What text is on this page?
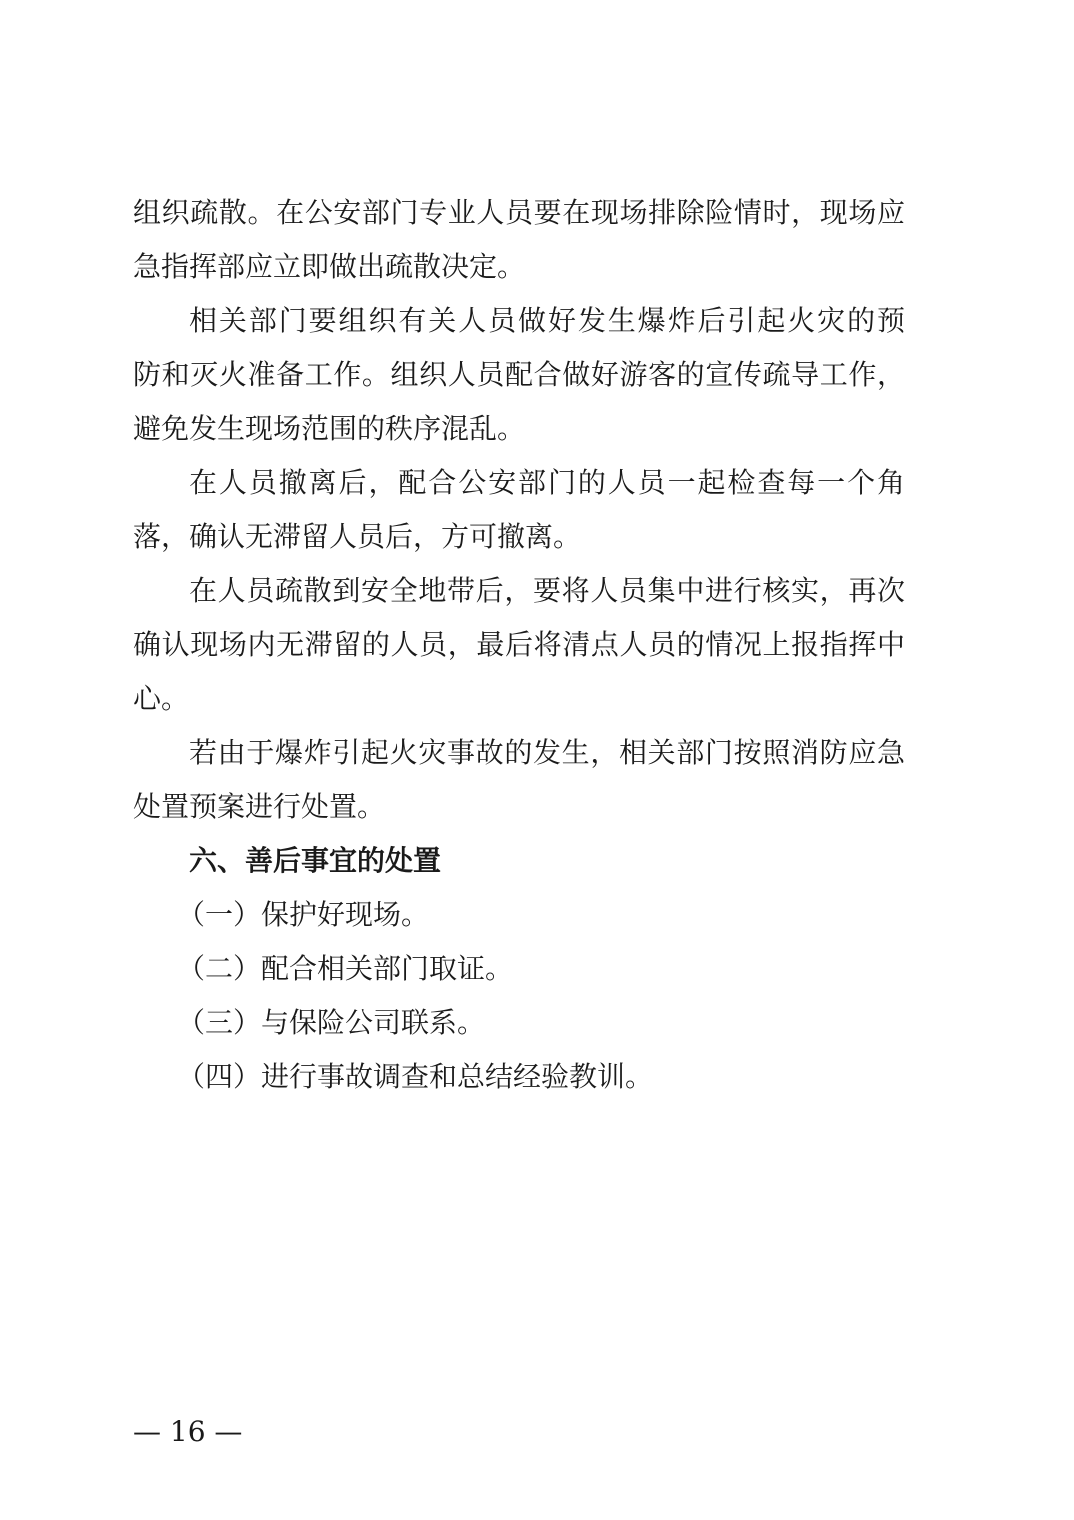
组织疏散。在公安部门专业人员要在现场排除险情时，现场应
急指挥部应立即做出疏散决定。
相关部门要组织有关人员做好发生爆炸后引起火灾的预
防和灭火准备工作。组织人员配合做好游客的宣传疏导工作，
避免发生现场范围的秩序混乱。
在人员撤离后，配合公安部门的人员一起检查每一个角
落，确认无滞留人员后，方可撤离。
在人员疏散到安全地带后，要将人员集中进行核实，再次
确认现场内无滞留的人员，最后将清点人员的情况上报指挥中
心。
若由于爆炸引起火灾事故的发生，相关部门按照消防应急
处置预案进行处置。
六、善后事宜的处置
（一）保护好现场。
（二）配合相关部门取证。
（三）与保险公司联系。
（四）进行事故调查和总结经验教训。
— 16 —
